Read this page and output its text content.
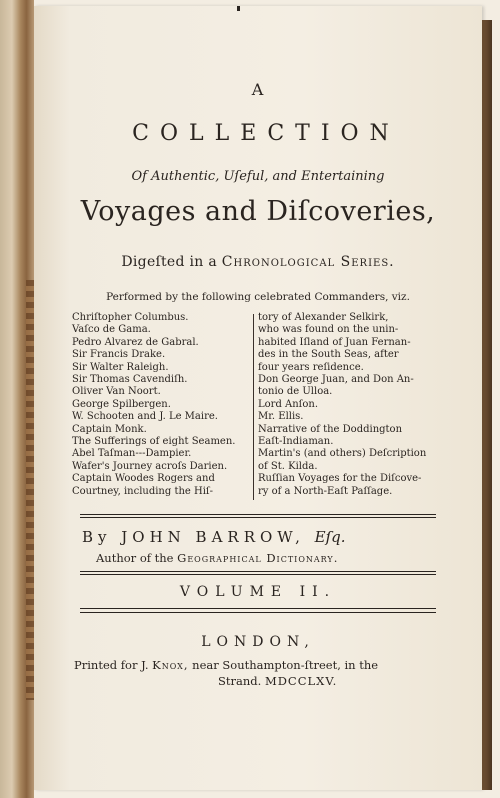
A
COLLECTION
Of Authentic, Uſeful, and Entertaining
Voyages and Diſcoveries,
Digeſted in a Chronological Series.
Performed by the following celebrated Commanders, viz.
Chriſtopher Columbus.
Vaſco de Gama.
Pedro Alvarez de Gabral.
Sir Francis Drake.
Sir Walter Raleigh.
Sir Thomas Cavendiſh.
Oliver Van Noort.
George Spilbergen.
W. Schooten and J. Le Maire.
Captain Monk.
The Sufferings of eight Seamen.
Abel Taſman---Dampier.
Wafer's Journey acroſs Darien.
Captain Woodes Rogers and
Courtney, including the Hiſ-
tory of Alexander Selkirk,
who was found on the unin-
habited Iſland of Juan Fernan-
des in the South Seas, after
four years reſidence.
Don George Juan, and Don An-
tonio de Ulloa.
Lord Anſon.
Mr. Ellis.
Narrative of the Doddington
Eaſt-Indiaman.
Martin's (and others) Deſcription
of St. Kilda.
Ruſſian Voyages for the Diſcove-
ry of a North-Eaſt Paſſage.
By JOHN BARROW, Eſq.
Author of the Geographical Dictionary.
VOLUME II.
LONDON,
Printed for J. Knox, near Southampton-ſtreet, in the
Strand. MDCCLXV.
